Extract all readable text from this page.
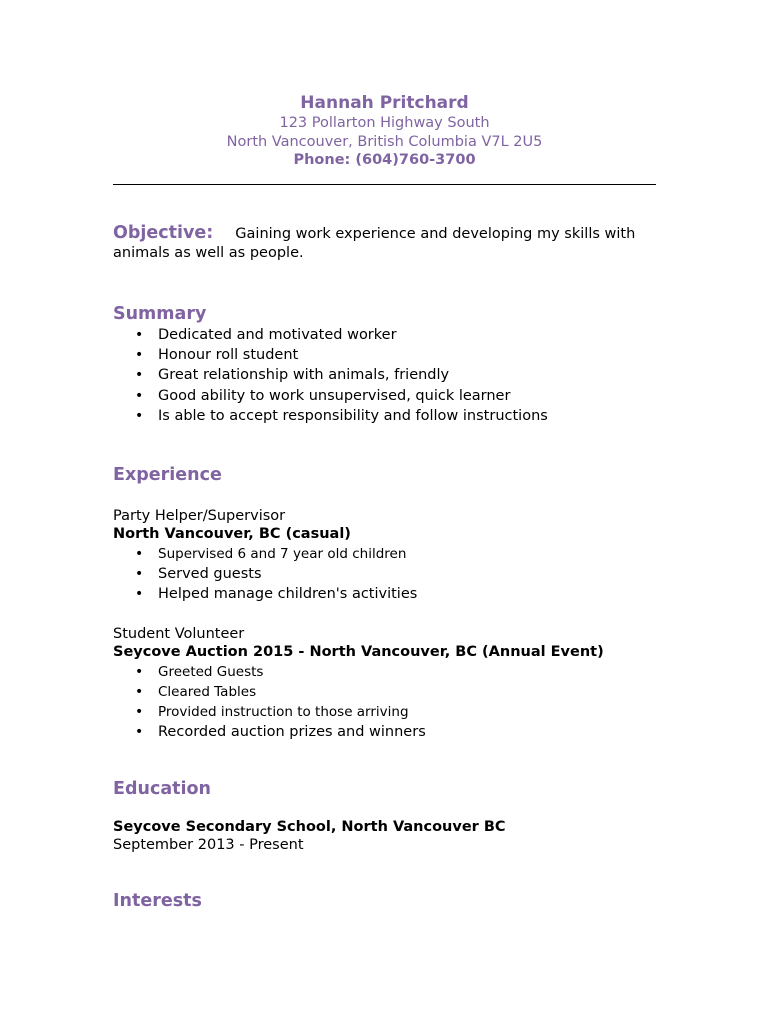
Hannah Pritchard

123 Pollarton Highway South

North Vancouver, British Columbia V7L 2U5

Phone: (604)760-3700

Objective: Gaining work experience and developing my skills with animals as well as people.

Summary

• Dedicated and motivated worker
• Honour roll student
• Great relationship with animals, friendly
• Good ability to work unsupervised, quick learner
• Is able to accept responsibility and follow instructions

Experience

Party Helper/Supervisor

North Vancouver, BC (casual)

• Supervised 6 and 7 year old children
• Served guests
• Helped manage children's activities

Student Volunteer

Seycove Auction 2015 - North Vancouver, BC (Annual Event)

• Greeted Guests
• Cleared Tables
• Provided instruction to those arriving
• Recorded auction prizes and winners

Education

Seycove Secondary School, North Vancouver BC

September 2013 - Present

Interests
